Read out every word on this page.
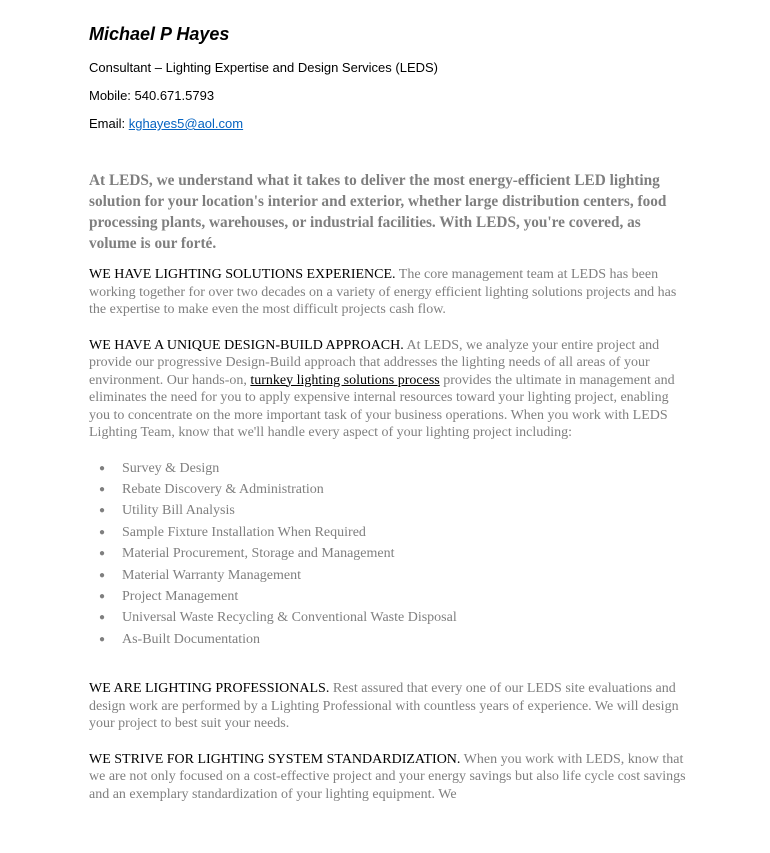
Michael P Hayes
Consultant – Lighting Expertise and Design Services (LEDS)
Mobile: 540.671.5793
Email: kghayes5@aol.com
At LEDS, we understand what it takes to deliver the most energy-efficient LED lighting solution for your location's interior and exterior, whether large distribution centers, food processing plants, warehouses, or industrial facilities. With LEDS, you're covered, as volume is our forté.
WE HAVE LIGHTING SOLUTIONS EXPERIENCE. The core management team at LEDS has been working together for over two decades on a variety of energy efficient lighting solutions projects and has the expertise to make even the most difficult projects cash flow.
WE HAVE A UNIQUE DESIGN-BUILD APPROACH. At LEDS, we analyze your entire project and provide our progressive Design-Build approach that addresses the lighting needs of all areas of your environment. Our hands-on, turnkey lighting solutions process provides the ultimate in management and eliminates the need for you to apply expensive internal resources toward your lighting project, enabling you to concentrate on the more important task of your business operations. When you work with LEDS Lighting Team, know that we'll handle every aspect of your lighting project including:
● Survey & Design
● Rebate Discovery & Administration
● Utility Bill Analysis
● Sample Fixture Installation When Required
● Material Procurement, Storage and Management
● Material Warranty Management
● Project Management
● Universal Waste Recycling & Conventional Waste Disposal
● As-Built Documentation
WE ARE LIGHTING PROFESSIONALS. Rest assured that every one of our LEDS site evaluations and design work are performed by a Lighting Professional with countless years of experience. We will design your project to best suit your needs.
WE STRIVE FOR LIGHTING SYSTEM STANDARDIZATION. When you work with LEDS, know that we are not only focused on a cost-effective project and your energy savings but also life cycle cost savings and an exemplary standardization of your lighting equipment. We
